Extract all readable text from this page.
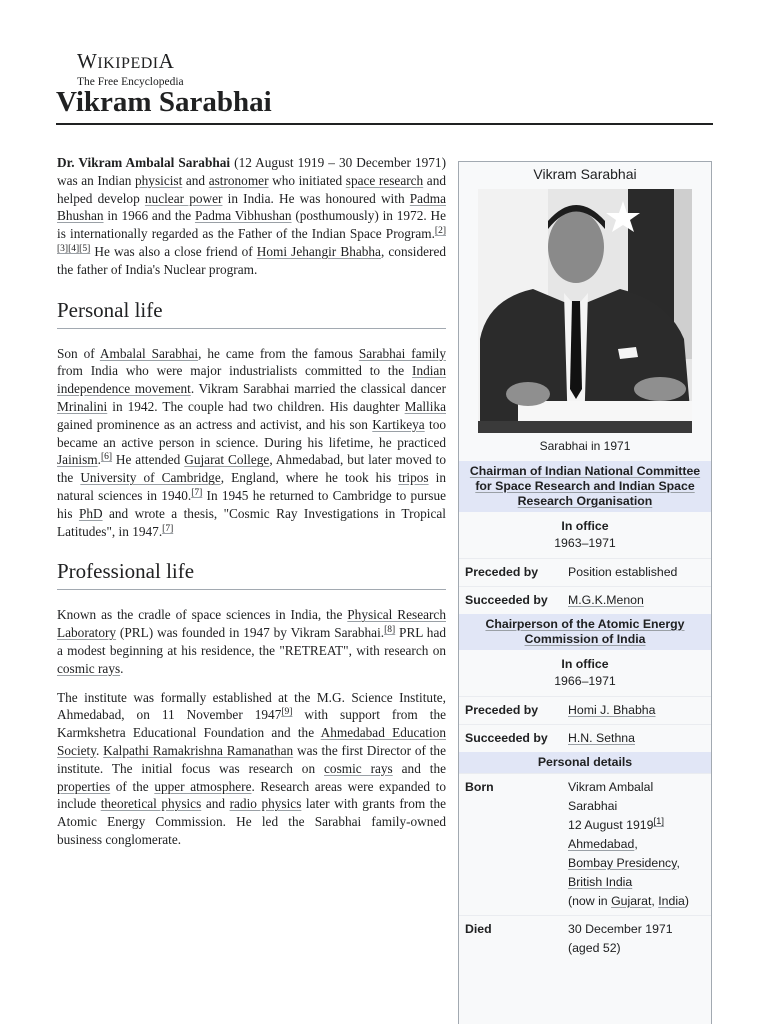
WIKIPEDIA
The Free Encyclopedia
Vikram Sarabhai

Dr. Vikram Ambalal Sarabhai (12 August 1919 – 30 December 1971) was an Indian physicist and astronomer who initiated space research and helped develop nuclear power in India. He was honoured with Padma Bhushan in 1966 and the Padma Vibhushan (posthumously) in 1972. He is internationally regarded as the Father of the Indian Space Program.[2][3][4][5] He was also a close friend of Homi Jehangir Bhabha, considered the father of India's Nuclear program.

Personal life

Son of Ambalal Sarabhai, he came from the famous Sarabhai family from India who were major industrialists committed to the Indian independence movement. Vikram Sarabhai married the classical dancer Mrinalini in 1942. The couple had two children. His daughter Mallika gained prominence as an actress and activist, and his son Kartikeya too became an active person in science. During his lifetime, he practiced Jainism.[6] He attended Gujarat College, Ahmedabad, but later moved to the University of Cambridge, England, where he took his tripos in natural sciences in 1940.[7] In 1945 he returned to Cambridge to pursue his PhD and wrote a thesis, "Cosmic Ray Investigations in Tropical Latitudes", in 1947.[7]

Professional life

Known as the cradle of space sciences in India, the Physical Research Laboratory (PRL) was founded in 1947 by Vikram Sarabhai.[8] PRL had a modest beginning at his residence, the "RETREAT", with research on cosmic rays.

The institute was formally established at the M.G. Science Institute, Ahmedabad, on 11 November 1947[9] with support from the Karmkshetra Educational Foundation and the Ahmedabad Education Society. Kalpathi Ramakrishna Ramanathan was the first Director of the institute. The initial focus was research on cosmic rays and the properties of the upper atmosphere. Research areas were expanded to include theoretical physics and radio physics later with grants from the Atomic Energy Commission. He led the Sarabhai family-owned business conglomerate.

Vikram Sarabhai
Sarabhai in 1971
Chairman of Indian National Committee for Space Research and Indian Space Research Organisation
In office
1963–1971
Preceded by	Position established
Succeeded by	M.G.K.Menon
Chairperson of the Atomic Energy Commission of India
In office
1966–1971
Preceded by	Homi J. Bhabha
Succeeded by	H.N. Sethna
Personal details
Born	Vikram Ambalal Sarabhai
12 August 1919[1]
Ahmedabad,
Bombay Presidency,
British India
(now in Gujarat, India)
Died	30 December 1971
(aged 52)
